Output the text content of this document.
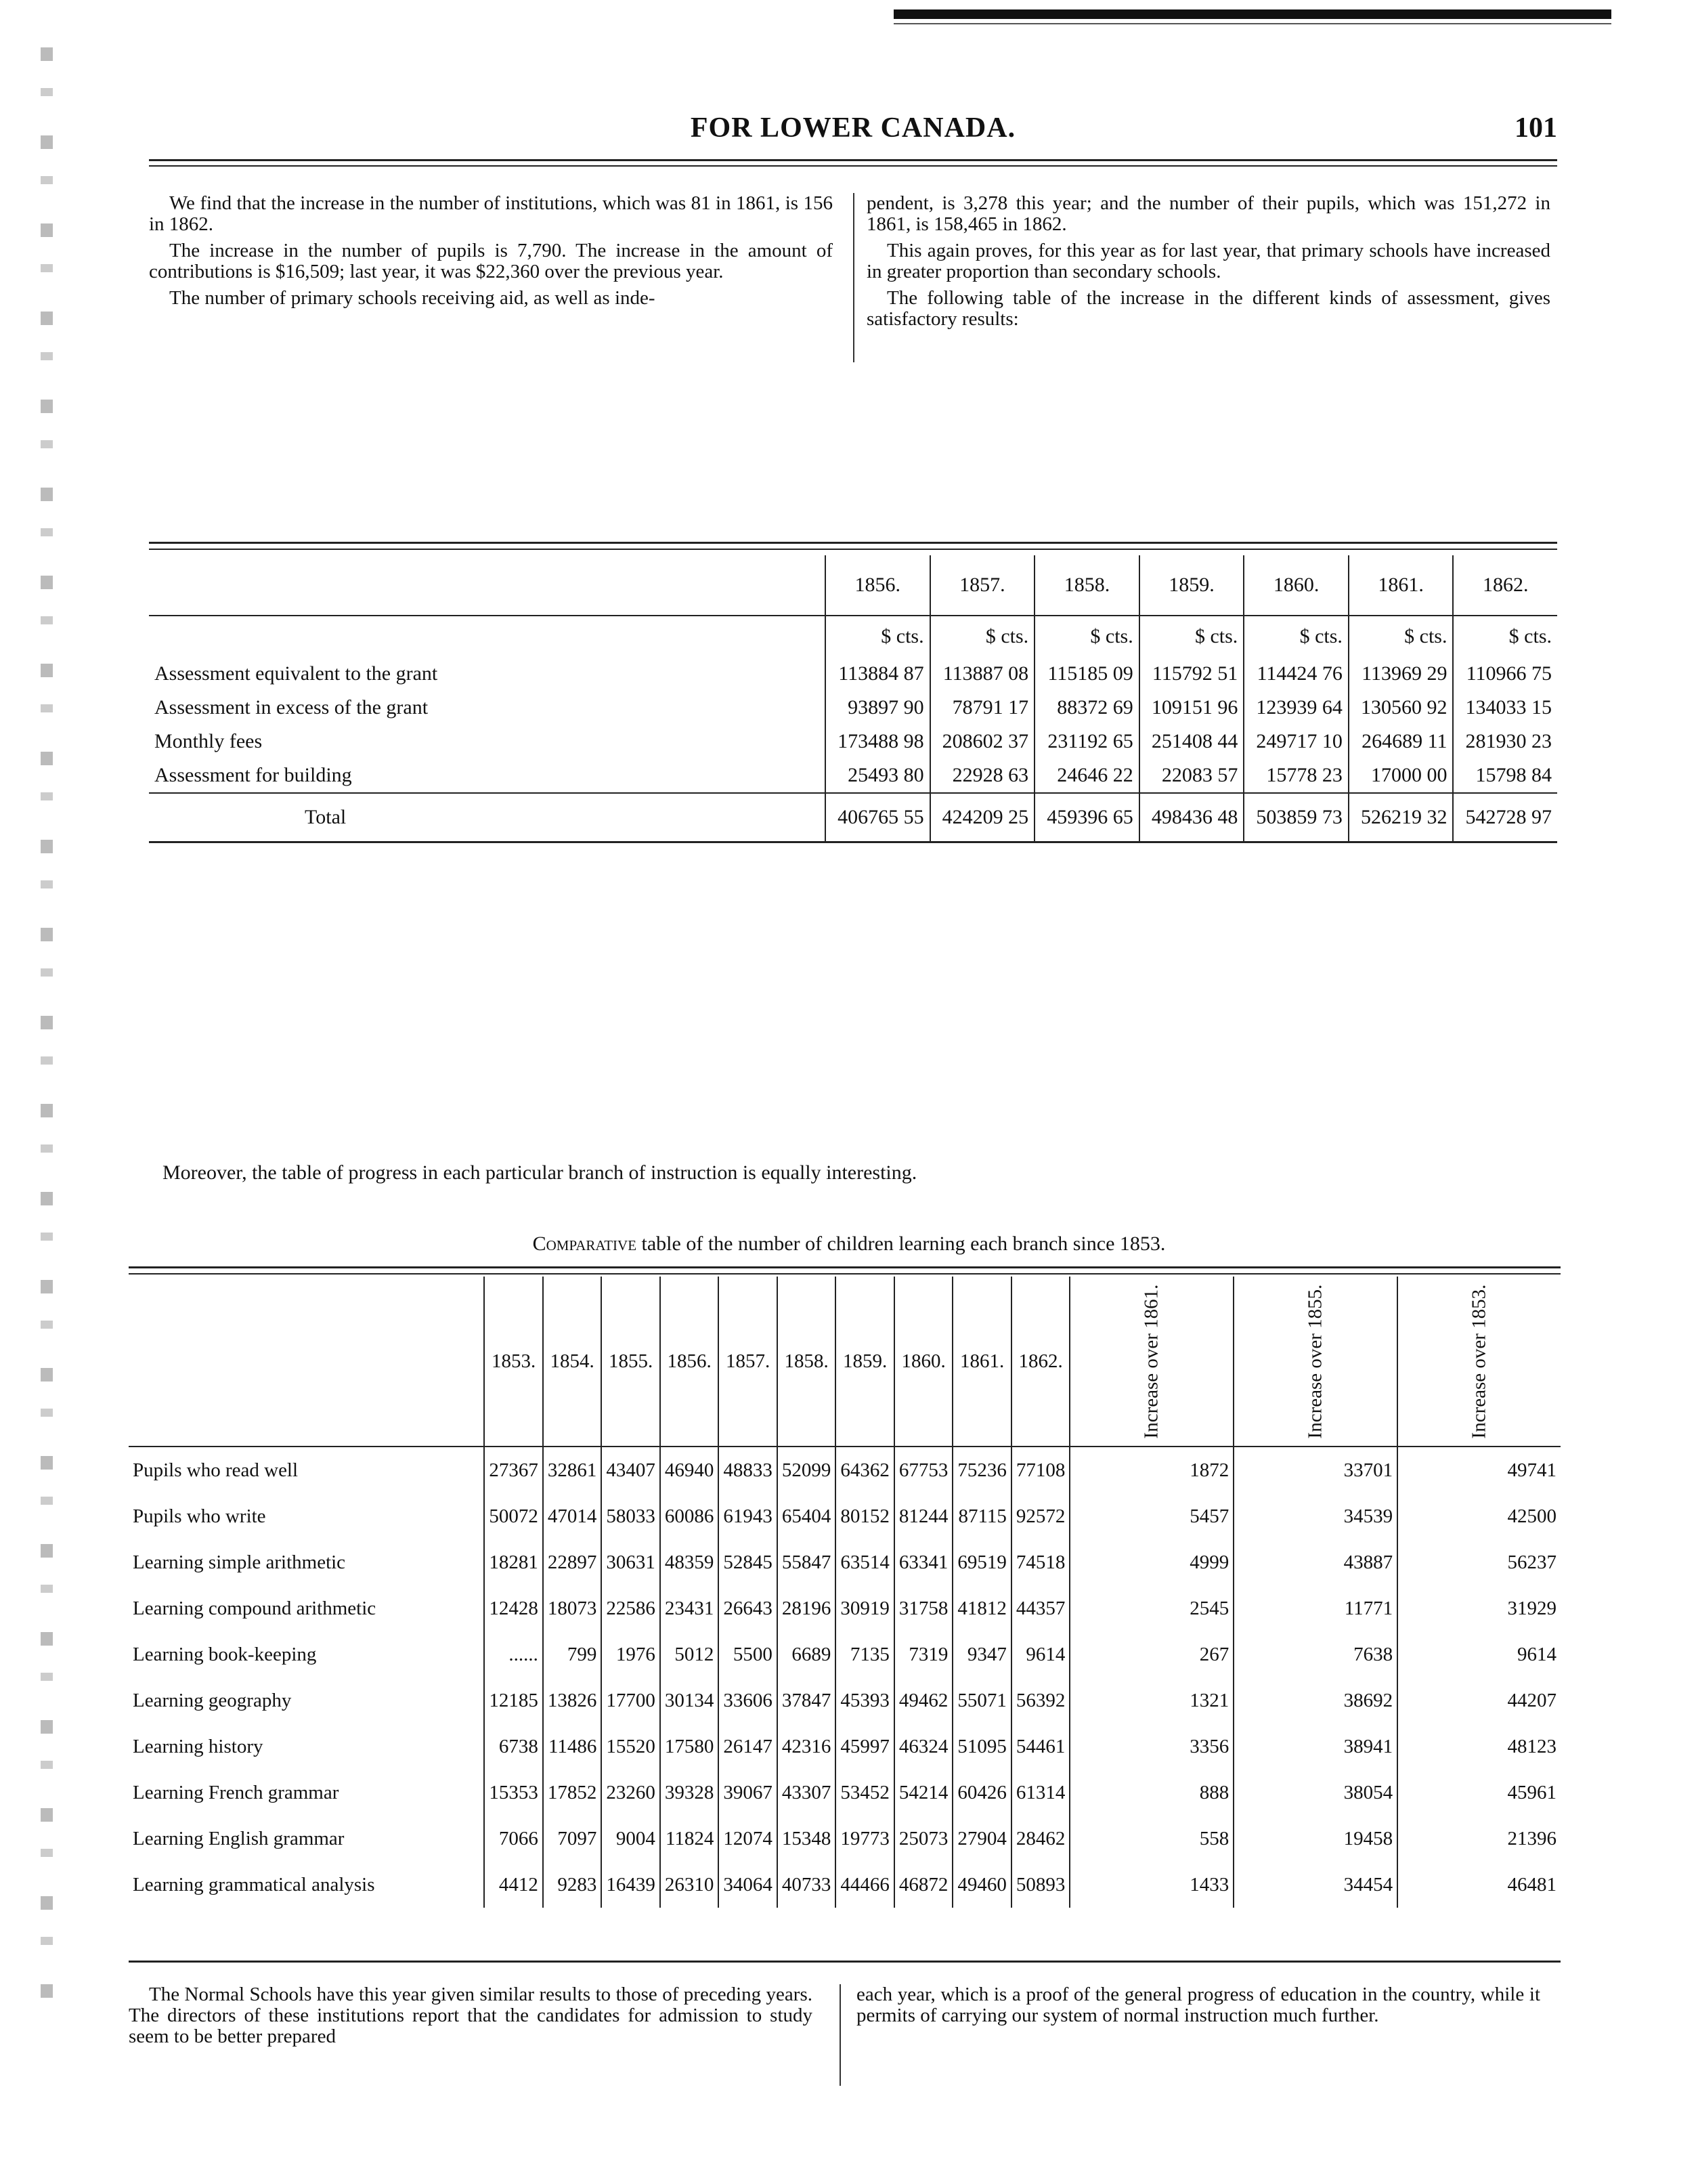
FOR LOWER CANADA.	101

We find that the increase in the number of institutions, which was 81 in 1861, is 156 in 1862.

The increase in the number of pupils is 7,790. The increase in the amount of contributions is $16,509; last year, it was $22,360 over the previous year.

The number of primary schools receiving aid, as well as inde-

pendent, is 3,278 this year; and the number of their pupils, which was 151,272 in 1861, is 158,465 in 1862.

This again proves, for this year as for last year, that primary schools have increased in greater proportion than secondary schools.

The following table of the increase in the different kinds of assessment, gives satisfactory results:

	1856.	1857.	1858.	1859.	1860.	1861.	1862.
	$ cts.	$ cts.	$ cts.	$ cts.	$ cts.	$ cts.	$ cts.
Assessment equivalent to the grant	113884 87	113887 08	115185 09	115792 51	114424 76	113969 29	110966 75
Assessment in excess of the grant	93897 90	78791 17	88372 69	109151 96	123939 64	130560 92	134033 15
Monthly fees	173488 98	208602 37	231192 65	251408 44	249717 10	264689 11	281930 23
Assessment for building	25493 80	22928 63	24646 22	22083 57	15778 23	17000 00	15798 84
Total	406765 55	424209 25	459396 65	498436 48	503859 73	526219 32	542728 97
Moreover, the table of progress in each particular branch of instruction is equally interesting.
Comparative table of the number of children learning each branch since 1853.
	1853.	1854.	1855.	1856.	1857.	1858.	1859.	1860.	1861.	1862.	Increase over 1861.	Increase over 1855.	Increase over 1853.
Pupils who read well	27367	32861	43407	46940	48833	52099	64362	67753	75236	77108	1872	33701	49741
Pupils who write	50072	47014	58033	60086	61943	65404	80152	81244	87115	92572	5457	34539	42500
Learning simple arithmetic	18281	22897	30631	48359	52845	55847	63514	63341	69519	74518	4999	43887	56237
Learning compound arithmetic	12428	18073	22586	23431	26643	28196	30919	31758	41812	44357	2545	11771	31929
Learning book-keeping	......	799	1976	5012	5500	6689	7135	7319	9347	9614	267	7638	9614
Learning geography	12185	13826	17700	30134	33606	37847	45393	49462	55071	56392	1321	38692	44207
Learning history	6738	11486	15520	17580	26147	42316	45997	46324	51095	54461	3356	38941	48123
Learning French grammar	15353	17852	23260	39328	39067	43307	53452	54214	60426	61314	888	38054	45961
Learning English grammar	7066	7097	9004	11824	12074	15348	19773	25073	27904	28462	558	19458	21396
Learning grammatical analysis	4412	9283	16439	26310	34064	40733	44466	46872	49460	50893	1433	34454	46481

The Normal Schools have this year given similar results to those of preceding years. The directors of these institutions report that the candidates for admission to study seem to be better prepared

each year, which is a proof of the general progress of education in the country, while it permits of carrying our system of normal instruction much further.
